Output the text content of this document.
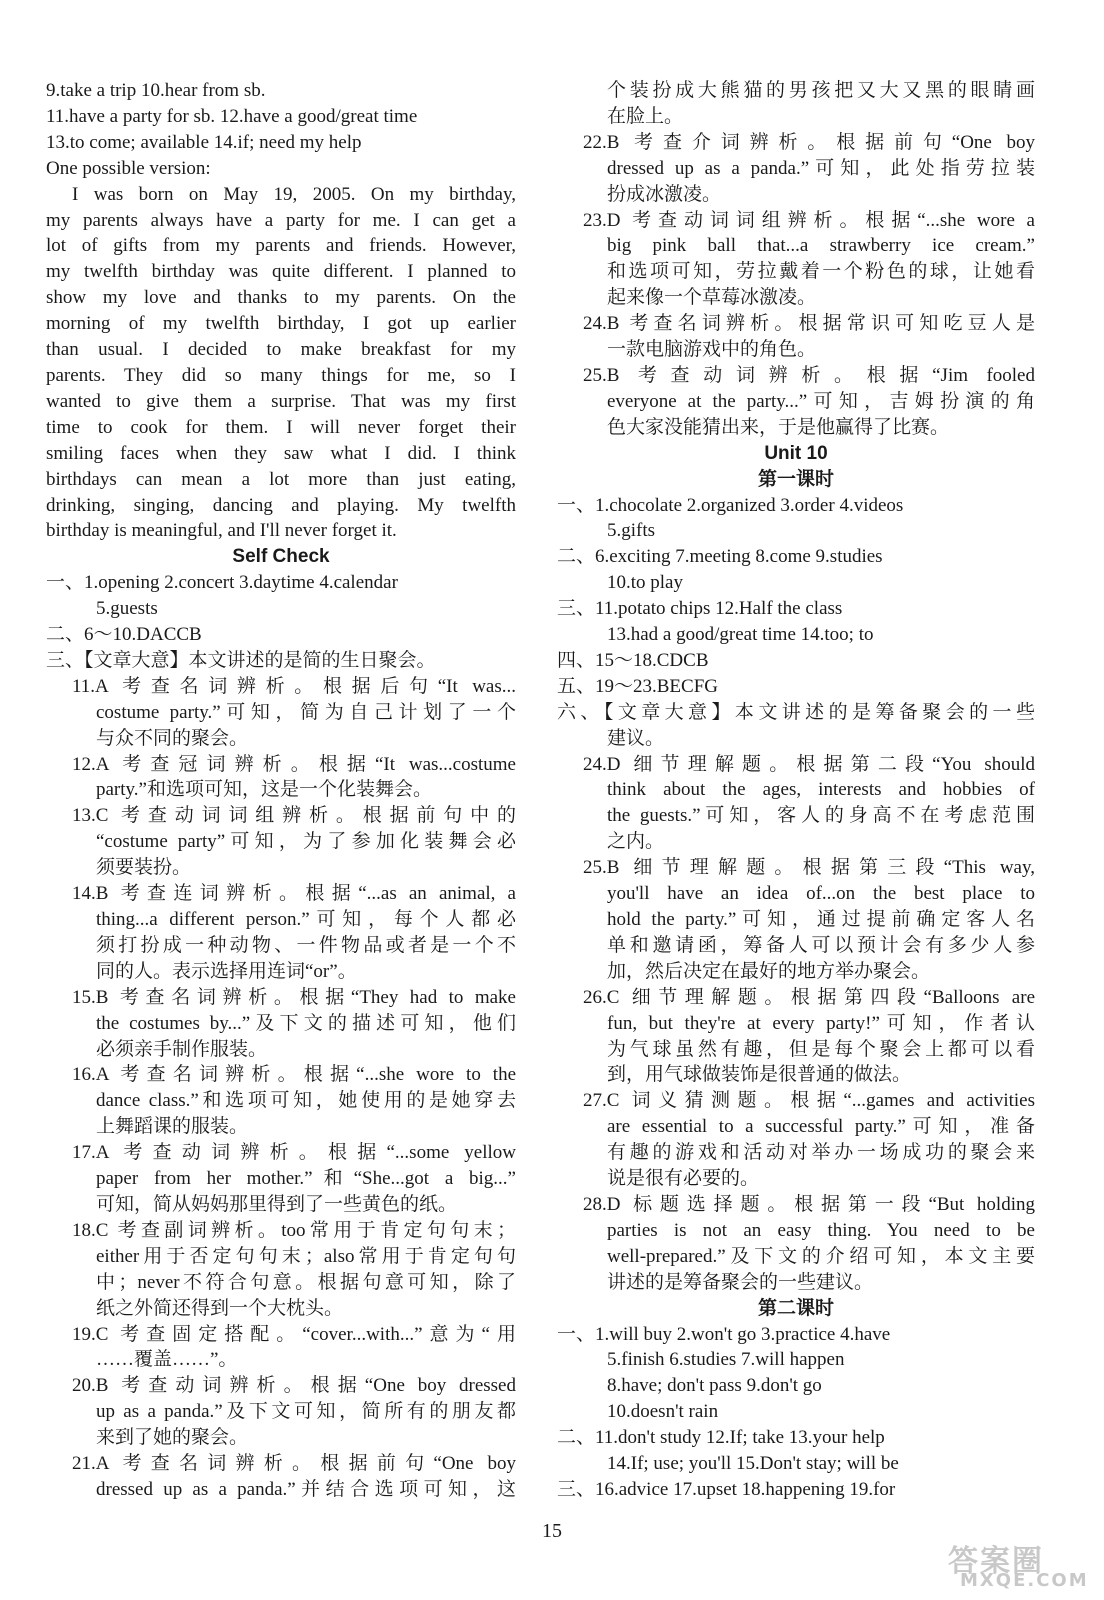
9.take a trip 10.hear from sb.
11.have a party for sb. 12.have a good/great time
13.to come; available 14.if; need my help
One possible version:
I was born on May 19, 2005. On my birthday,
my parents always have a party for me. I can get a
lot of gifts from my parents and friends. However,
my twelfth birthday was quite different. I planned to
show my love and thanks to my parents. On the
morning of my twelfth birthday, I got up earlier
than usual. I decided to make breakfast for my
parents. They did so many things for me, so I
wanted to give them a surprise. That was my first
time to cook for them. I will never forget their
smiling faces when they saw what I did. I think
birthdays can mean a lot more than just eating,
drinking, singing, dancing and playing. My twelfth
birthday is meaningful, and I'll never forget it.
Self Check
一、1.opening 2.concert 3.daytime 4.calendar
5.guests
二、6～10.DACCB
三、【文章大意】本文讲述的是简的生日聚会。
11.A 考查名词辨析。根据后句“It was...
costume party.”可知，简为自己计划了一个
与众不同的聚会。
12.A 考查冠词辨析。根据“It was...costume
party.”和选项可知，这是一个化装舞会。
13.C 考查动词词组辨析。根据前句中的
“costume party”可知，为了参加化装舞会必
须要装扮。
14.B 考查连词辨析。根据“...as an animal, a
thing...a different person.”可知，每个人都必
须打扮成一种动物、一件物品或者是一个不
同的人。表示选择用连词“or”。
15.B 考查名词辨析。根据“They had to make
the costumes by...”及下文的描述可知，他们
必须亲手制作服装。
16.A 考查名词辨析。根据“...she wore to the
dance class.”和选项可知，她使用的是她穿去
上舞蹈课的服装。
17.A 考查动词辨析。根据“...some yellow
paper from her mother.”和“She...got a big...”
可知，简从妈妈那里得到了一些黄色的纸。
18.C 考查副词辨析。too常用于肯定句句末；
either用于否定句句末；also常用于肯定句句
中；never不符合句意。根据句意可知，除了
纸之外简还得到一个大枕头。
19.C 考查固定搭配。“cover...with...”意为“用
……覆盖……”。
20.B 考查动词辨析。根据“One boy dressed
up as a panda.”及下文可知，简所有的朋友都
来到了她的聚会。
21.A 考查名词辨析。根据前句“One boy
dressed up as a panda.”并结合选项可知，这
个装扮成大熊猫的男孩把又大又黑的眼睛画
在脸上。
22.B 考查介词辨析。根据前句“One boy
dressed up as a panda.”可知，此处指劳拉装
扮成冰激凌。
23.D 考查动词词组辨析。根据“...she wore a
big pink ball that...a strawberry ice cream.”
和选项可知，劳拉戴着一个粉色的球，让她看
起来像一个草莓冰激凌。
24.B 考查名词辨析。根据常识可知吃豆人是
一款电脑游戏中的角色。
25.B 考查动词辨析。根据“Jim fooled
everyone at the party...”可知，吉姆扮演的角
色大家没能猜出来，于是他赢得了比赛。
Unit 10
第一课时
一、1.chocolate 2.organized 3.order 4.videos
5.gifts
二、6.exciting 7.meeting 8.come 9.studies
10.to play
三、11.potato chips 12.Half the class
13.had a good/great time 14.too; to
四、15～18.CDCB
五、19～23.BECFG
六、【文章大意】本文讲述的是筹备聚会的一些
建议。
24.D 细节理解题。根据第二段“You should
think about the ages, interests and hobbies of
the guests.”可知，客人的身高不在考虑范围
之内。
25.B 细节理解题。根据第三段“This way,
you'll have an idea of...on the best place to
hold the party.”可知，通过提前确定客人名
单和邀请函，筹备人可以预计会有多少人参
加，然后决定在最好的地方举办聚会。
26.C 细节理解题。根据第四段“Balloons are
fun, but they're at every party!”可知，作者认
为气球虽然有趣，但是每个聚会上都可以看
到，用气球做装饰是很普通的做法。
27.C 词义猜测题。根据“...games and activities
are essential to a successful party.”可知，准备
有趣的游戏和活动对举办一场成功的聚会来
说是很有必要的。
28.D 标题选择题。根据第一段“But holding
parties is not an easy thing. You need to be
well-prepared.”及下文的介绍可知，本文主要
讲述的是筹备聚会的一些建议。
第二课时
一、1.will buy 2.won't go 3.practice 4.have
5.finish 6.studies 7.will happen
8.have; don't pass 9.don't go
10.doesn't rain
二、11.don't study 12.If; take 13.your help
14.If; use; you'll 15.Don't stay; will be
三、16.advice 17.upset 18.happening 19.for
15
答案圈
MXQE.COM
